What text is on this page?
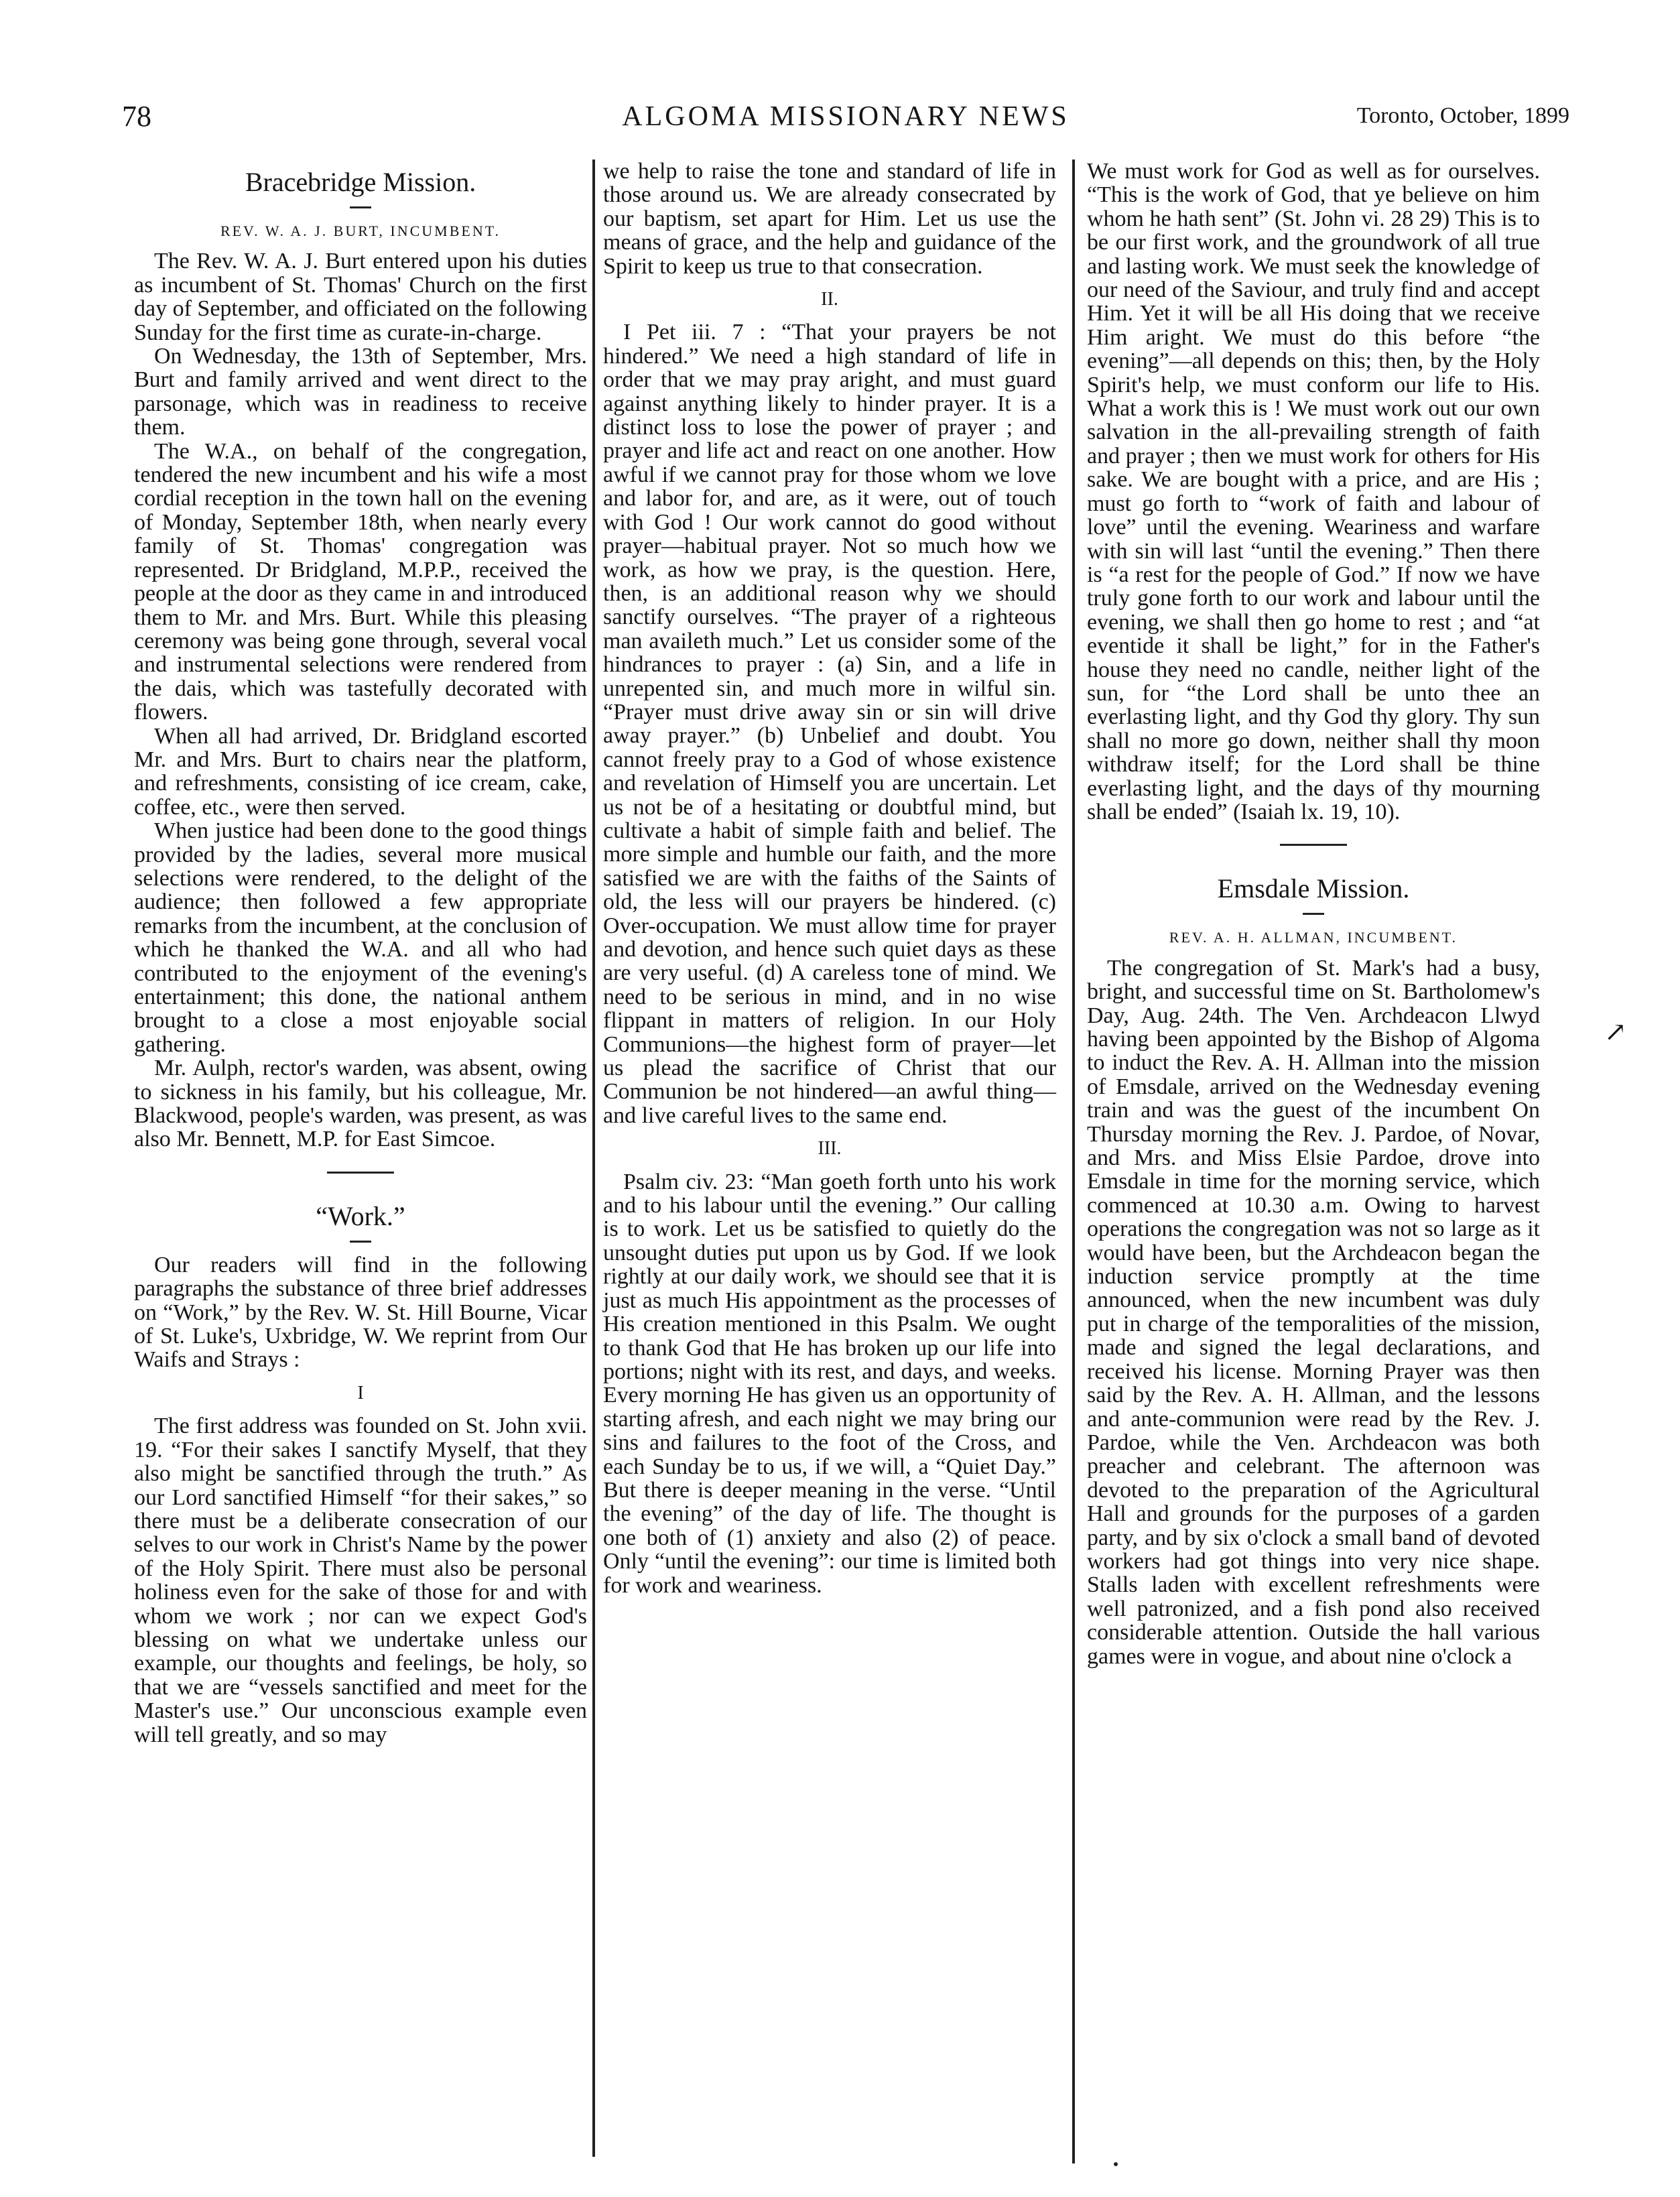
78	ALGOMA MISSIONARY NEWS	Toronto, October, 1899
Bracebridge Mission.
REV. W. A. J. BURT, INCUMBENT.

The Rev. W. A. J. Burt entered upon his duties as incumbent of St. Thomas' Church on the first day of September, and officiated on the following Sunday for the first time as curate-in-charge.

On Wednesday, the 13th of September, Mrs. Burt and family arrived and went direct to the parsonage, which was in readiness to receive them.

The W.A., on behalf of the congregation, tendered the new incumbent and his wife a most cordial reception in the town hall on the evening of Monday, September 18th, when nearly every family of St. Thomas' congregation was represented. Dr Bridgland, M.P.P., received the people at the door as they came in and introduced them to Mr. and Mrs. Burt. While this pleasing ceremony was being gone through, several vocal and instrumental selections were rendered from the dais, which was tastefully decorated with flowers.

When all had arrived, Dr. Bridgland escorted Mr. and Mrs. Burt to chairs near the platform, and refreshments, consisting of ice cream, cake, coffee, etc., were then served.

When justice had been done to the good things provided by the ladies, several more musical selections were rendered, to the delight of the audience; then followed a few appropriate remarks from the incumbent, at the conclusion of which he thanked the W.A. and all who had contributed to the enjoyment of the evening's entertainment; this done, the national anthem brought to a close a most enjoyable social gathering.

Mr. Aulph, rector's warden, was absent, owing to sickness in his family, but his colleague, Mr. Blackwood, people's warden, was present, as was also Mr. Bennett, M.P. for East Simcoe.

“Work.”

Our readers will find in the following paragraphs the substance of three brief addresses on “Work,” by the Rev. W. St. Hill Bourne, Vicar of St. Luke's, Uxbridge, W. We reprint from Our Waifs and Strays :

I

The first address was founded on St. John xvii. 19. “For their sakes I sanctify Myself, that they also might be sanctified through the truth.” As our Lord sanctified Himself “for their sakes,” so there must be a deliberate consecration of our selves to our work in Christ's Name by the power of the Holy Spirit. There must also be personal holiness even for the sake of those for and with whom we work ; nor can we expect God's blessing on what we undertake unless our example, our thoughts and feelings, be holy, so that we are “vessels sanctified and meet for the Master's use.” Our unconscious example even will tell greatly, and so may

we help to raise the tone and standard of life in those around us. We are already consecrated by our baptism, set apart for Him. Let us use the means of grace, and the help and guidance of the Spirit to keep us true to that consecration.

II.

I Pet iii. 7 : “That your prayers be not hindered.” We need a high standard of life in order that we may pray aright, and must guard against anything likely to hinder prayer. It is a distinct loss to lose the power of prayer ; and prayer and life act and react on one another. How awful if we cannot pray for those whom we love and labor for, and are, as it were, out of touch with God ! Our work cannot do good without prayer—habitual prayer. Not so much how we work, as how we pray, is the question. Here, then, is an additional reason why we should sanctify ourselves. “The prayer of a righteous man availeth much.” Let us consider some of the hindrances to prayer : (a) Sin, and a life in unrepented sin, and much more in wilful sin. “Prayer must drive away sin or sin will drive away prayer.” (b) Unbelief and doubt. You cannot freely pray to a God of whose existence and revelation of Himself you are uncertain. Let us not be of a hesitating or doubtful mind, but cultivate a habit of simple faith and belief. The more simple and humble our faith, and the more satisfied we are with the faiths of the Saints of old, the less will our prayers be hindered. (c) Over-occupation. We must allow time for prayer and devotion, and hence such quiet days as these are very useful. (d) A careless tone of mind. We need to be serious in mind, and in no wise flippant in matters of religion. In our Holy Communions—the highest form of prayer—let us plead the sacrifice of Christ that our Communion be not hindered—an awful thing—and live careful lives to the same end.

III.

Psalm civ. 23: “Man goeth forth unto his work and to his labour until the evening.” Our calling is to work. Let us be satisfied to quietly do the unsought duties put upon us by God. If we look rightly at our daily work, we should see that it is just as much His appointment as the processes of His creation mentioned in this Psalm. We ought to thank God that He has broken up our life into portions; night with its rest, and days, and weeks. Every morning He has given us an opportunity of starting afresh, and each night we may bring our sins and failures to the foot of the Cross, and each Sunday be to us, if we will, a “Quiet Day.” But there is deeper meaning in the verse. “Until the evening” of the day of life. The thought is one both of (1) anxiety and also (2) of peace. Only “until the evening”: our time is limited both for work and weariness.

We must work for God as well as for ourselves. “This is the work of God, that ye believe on him whom he hath sent” (St. John vi. 28 29) This is to be our first work, and the groundwork of all true and lasting work. We must seek the knowledge of our need of the Saviour, and truly find and accept Him. Yet it will be all His doing that we receive Him aright. We must do this before “the evening”—all depends on this; then, by the Holy Spirit's help, we must conform our life to His. What a work this is ! We must work out our own salvation in the all-prevailing strength of faith and prayer ; then we must work for others for His sake. We are bought with a price, and are His ; must go forth to “work of faith and labour of love” until the evening. Weariness and warfare with sin will last “until the evening.” Then there is “a rest for the people of God.” If now we have truly gone forth to our work and labour until the evening, we shall then go home to rest ; and “at eventide it shall be light,” for in the Father's house they need no candle, neither light of the sun, for “the Lord shall be unto thee an everlasting light, and thy God thy glory. Thy sun shall no more go down, neither shall thy moon withdraw itself; for the Lord shall be thine everlasting light, and the days of thy mourning shall be ended” (Isaiah lx. 19, 10).

Emsdale Mission.
REV. A. H. ALLMAN, INCUMBENT.

The congregation of St. Mark's had a busy, bright, and successful time on St. Bartholomew's Day, Aug. 24th. The Ven. Archdeacon Llwyd having been appointed by the Bishop of Algoma to induct the Rev. A. H. Allman into the mission of Emsdale, arrived on the Wednesday evening train and was the guest of the incumbent On Thursday morning the Rev. J. Pardoe, of Novar, and Mrs. and Miss Elsie Pardoe, drove into Emsdale in time for the morning service, which commenced at 10.30 a.m. Owing to harvest operations the congregation was not so large as it would have been, but the Archdeacon began the induction service promptly at the time announced, when the new incumbent was duly put in charge of the temporalities of the mission, made and signed the legal declarations, and received his license. Morning Prayer was then said by the Rev. A. H. Allman, and the lessons and ante-communion were read by the Rev. J. Pardoe, while the Ven. Archdeacon was both preacher and celebrant. The afternoon was devoted to the preparation of the Agricultural Hall and grounds for the purposes of a garden party, and by six o'clock a small band of devoted workers had got things into very nice shape. Stalls laden with excellent refreshments were well patronized, and a fish pond also received considerable attention. Outside the hall various games were in vogue, and about nine o'clock a

↗
